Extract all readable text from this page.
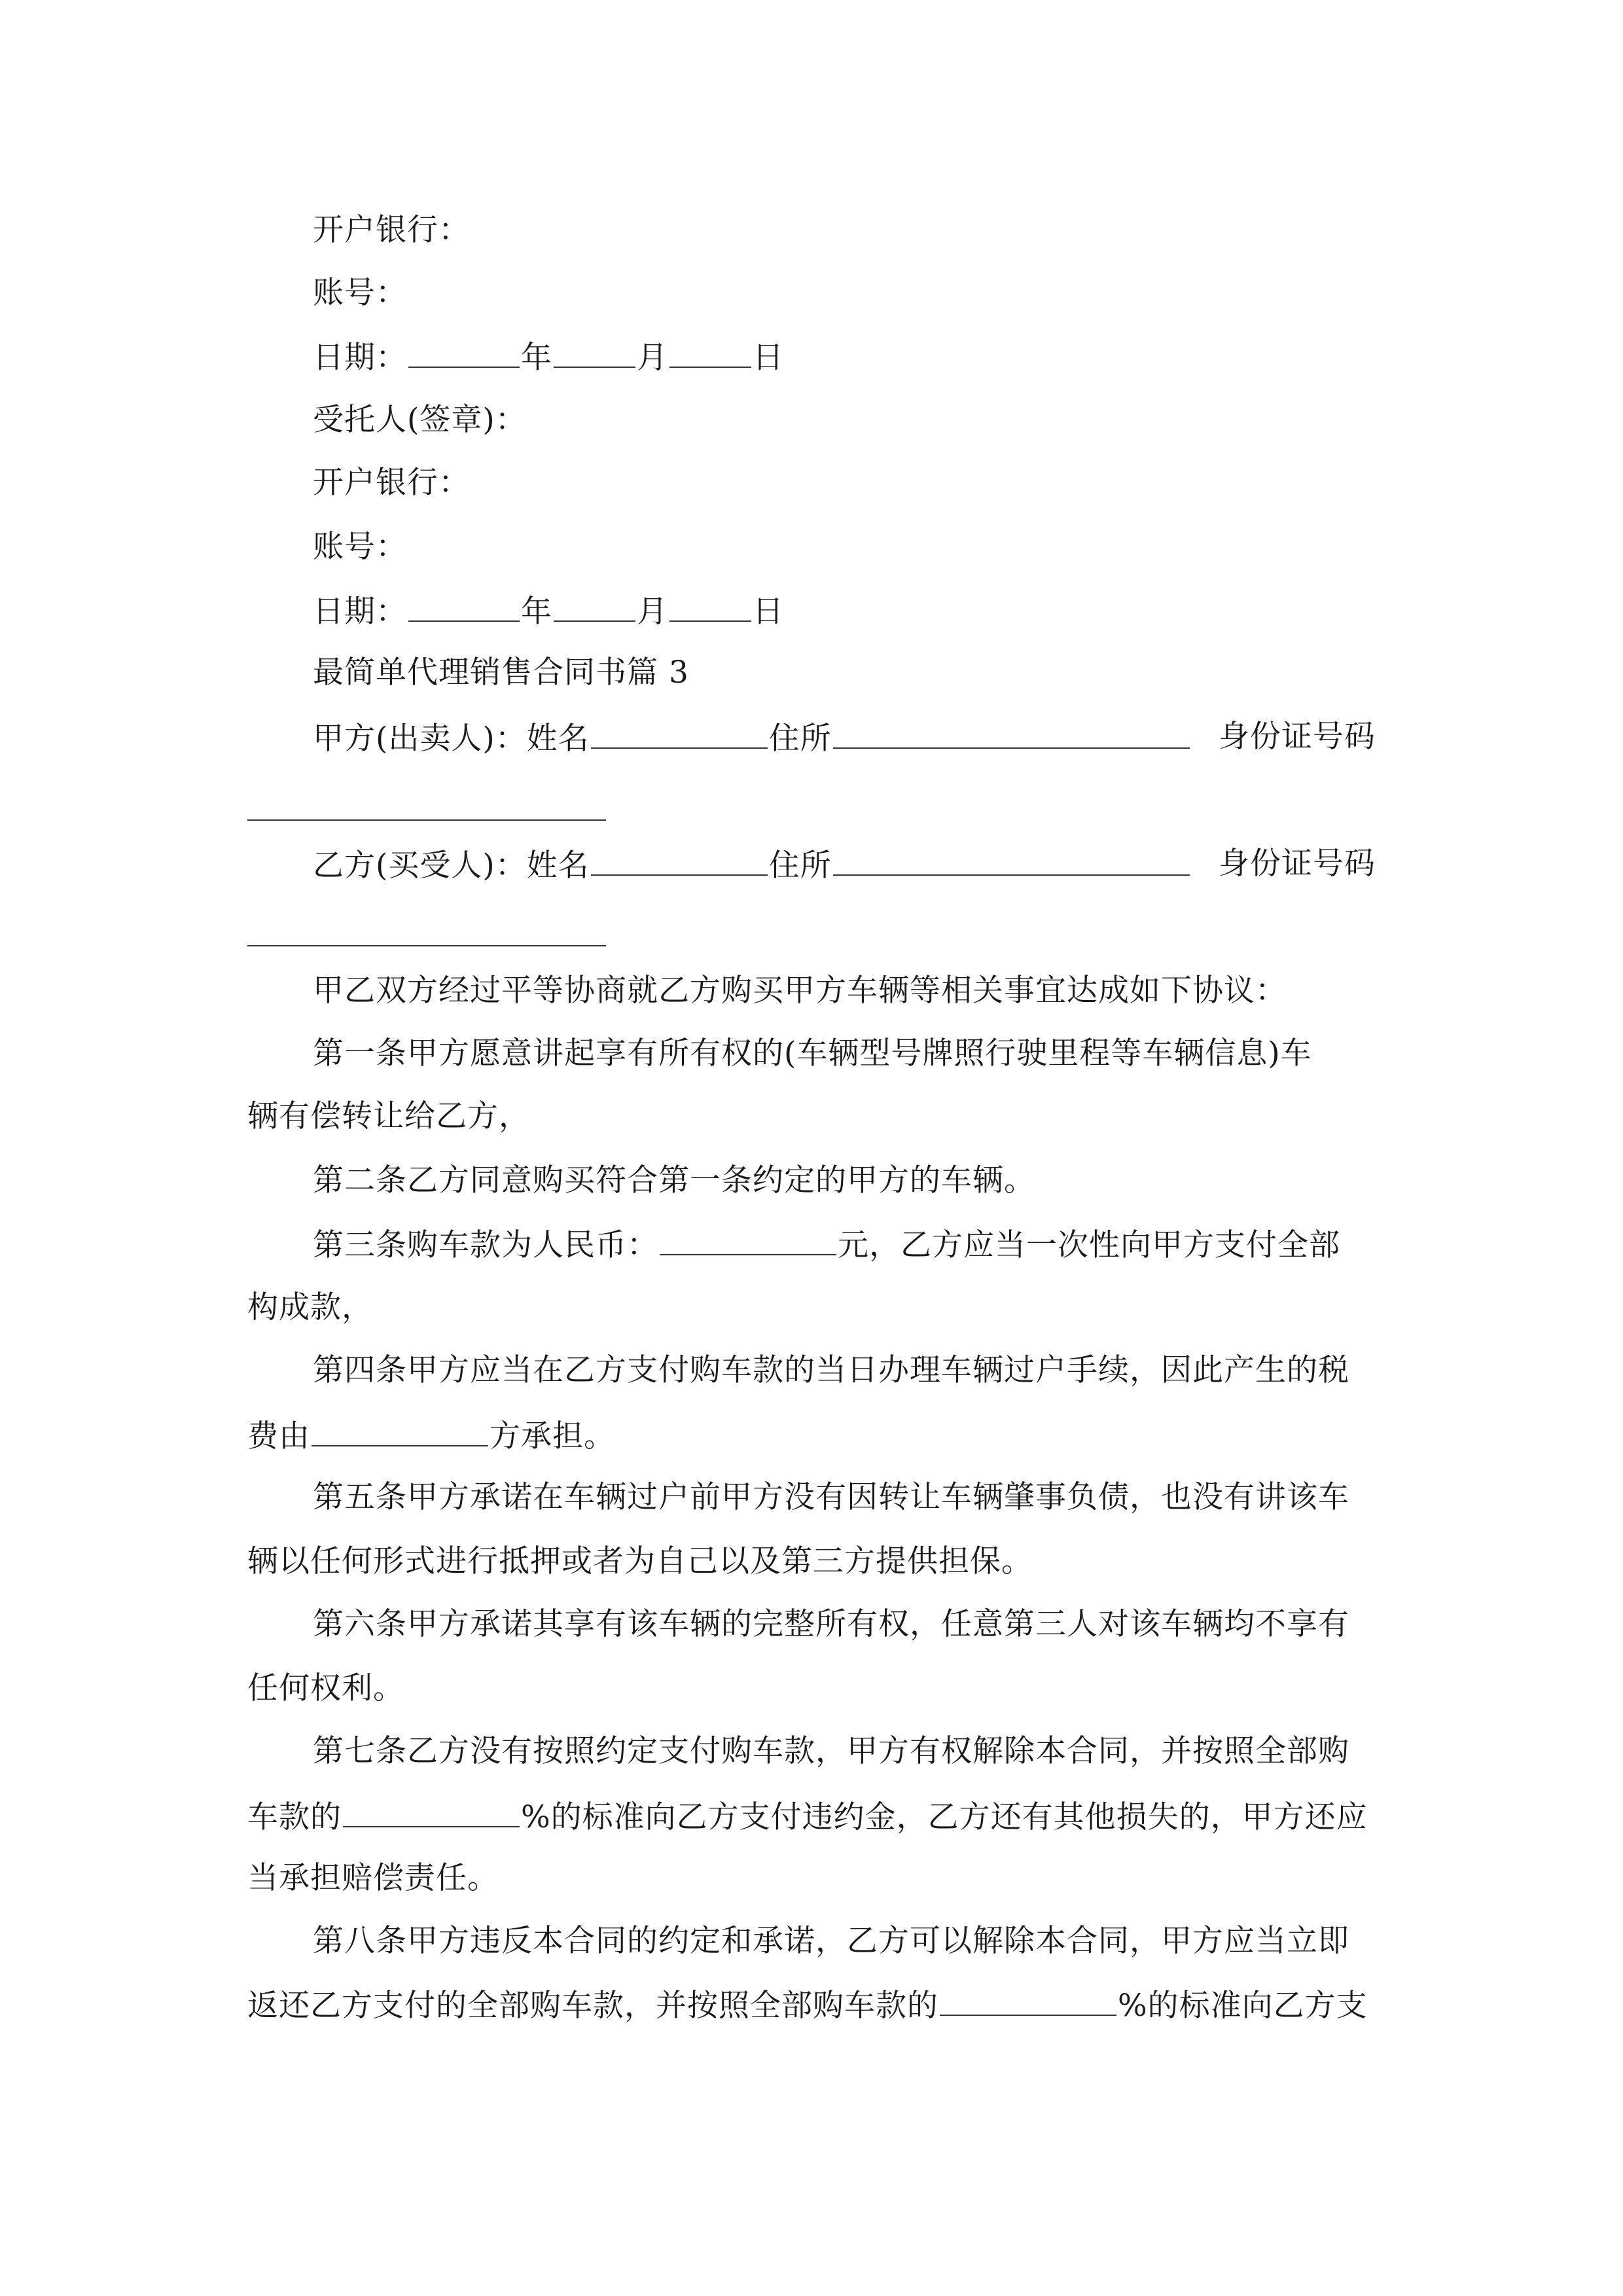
开户银行：
账号：
日期：	年	月	日
受托人(签章)：
开户银行：
账号：
日期：	年	月	日
最简单代理销售合同书篇 3
甲方(出卖人)：姓名	住所	身份证号码
乙方(买受人)：姓名	住所	身份证号码
甲乙双方经过平等协商就乙方购买甲方车辆等相关事宜达成如下协议：
第一条甲方愿意讲起享有所有权的(车辆型号牌照行驶里程等车辆信息)车
辆有偿转让给乙方，
第二条乙方同意购买符合第一条约定的甲方的车辆。
第三条购车款为人民币：	元，乙方应当一次性向甲方支付全部
构成款，
第四条甲方应当在乙方支付购车款的当日办理车辆过户手续，因此产生的税
费由	方承担。
第五条甲方承诺在车辆过户前甲方没有因转让车辆肇事负债，也没有讲该车
辆以任何形式进行抵押或者为自己以及第三方提供担保。
第六条甲方承诺其享有该车辆的完整所有权，任意第三人对该车辆均不享有
任何权利。
第七条乙方没有按照约定支付购车款，甲方有权解除本合同，并按照全部购
车款的	%的标准向乙方支付违约金，乙方还有其他损失的，甲方还应
当承担赔偿责任。
第八条甲方违反本合同的约定和承诺，乙方可以解除本合同，甲方应当立即
返还乙方支付的全部购车款，并按照全部购车款的	%的标准向乙方支
